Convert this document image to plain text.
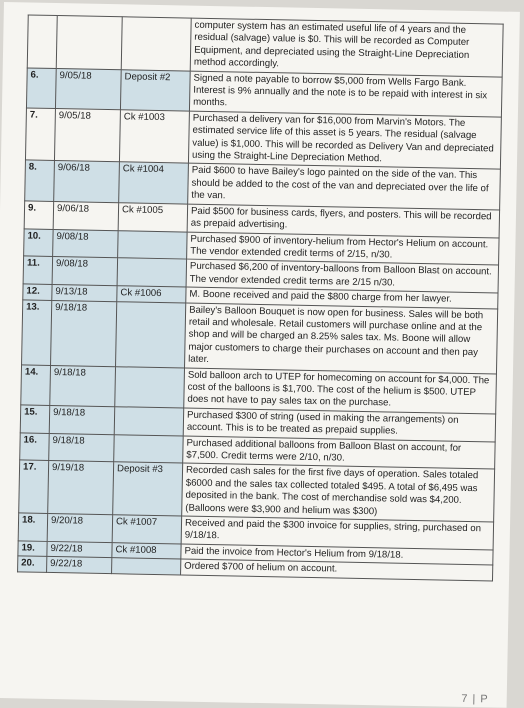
			computer system has an estimated useful life of 4 years and the residual (salvage) value is $0. This will be recorded as Computer Equipment, and depreciated using the Straight-Line Depreciation method accordingly.
6.	9/05/18	Deposit #2	Signed a note payable to borrow $5,000 from Wells Fargo Bank. Interest is 9% annually and the note is to be repaid with interest in six months.
7.	9/05/18	Ck #1003	Purchased a delivery van for $16,000 from Marvin's Motors. The estimated service life of this asset is 5 years. The residual (salvage value) is $1,000. This will be recorded as Delivery Van and depreciated using the Straight-Line Depreciation Method.
8.	9/06/18	Ck #1004	Paid $600 to have Bailey's logo painted on the side of the van. This should be added to the cost of the van and depreciated over the life of the van.
9.	9/06/18	Ck #1005	Paid $500 for business cards, flyers, and posters. This will be recorded as prepaid advertising.
10.	9/08/18		Purchased $900 of inventory-helium from Hector's Helium on account. The vendor extended credit terms of 2/15, n/30.
11.	9/08/18		Purchased $6,200 of inventory-balloons from Balloon Blast on account. The vendor extended credit terms are 2/15 n/30.
12.	9/13/18	Ck #1006	M. Boone received and paid the $800 charge from her lawyer.
13.	9/18/18		Bailey's Balloon Bouquet is now open for business. Sales will be both retail and wholesale. Retail customers will purchase online and at the shop and will be charged an 8.25% sales tax. Ms. Boone will allow major customers to charge their purchases on account and then pay later.
14.	9/18/18		Sold balloon arch to UTEP for homecoming on account for $4,000. The cost of the balloons is $1,700. The cost of the helium is $500. UTEP does not have to pay sales tax on the purchase.
15.	9/18/18		Purchased $300 of string (used in making the arrangements) on account. This is to be treated as prepaid supplies.
16.	9/18/18		Purchased additional balloons from Balloon Blast on account, for $7,500. Credit terms were 2/10, n/30.
17.	9/19/18	Deposit #3	Recorded cash sales for the first five days of operation. Sales totaled $6000 and the sales tax collected totaled $495. A total of $6,495 was deposited in the bank. The cost of merchandise sold was $4,200. (Balloons were $3,900 and helium was $300)
18.	9/20/18	Ck #1007	Received and paid the $300 invoice for supplies, string, purchased on 9/18/18.
19.	9/22/18	Ck #1008	Paid the invoice from Hector's Helium from 9/18/18.
20.	9/22/18		Ordered $700 of helium on account.
7 | P
